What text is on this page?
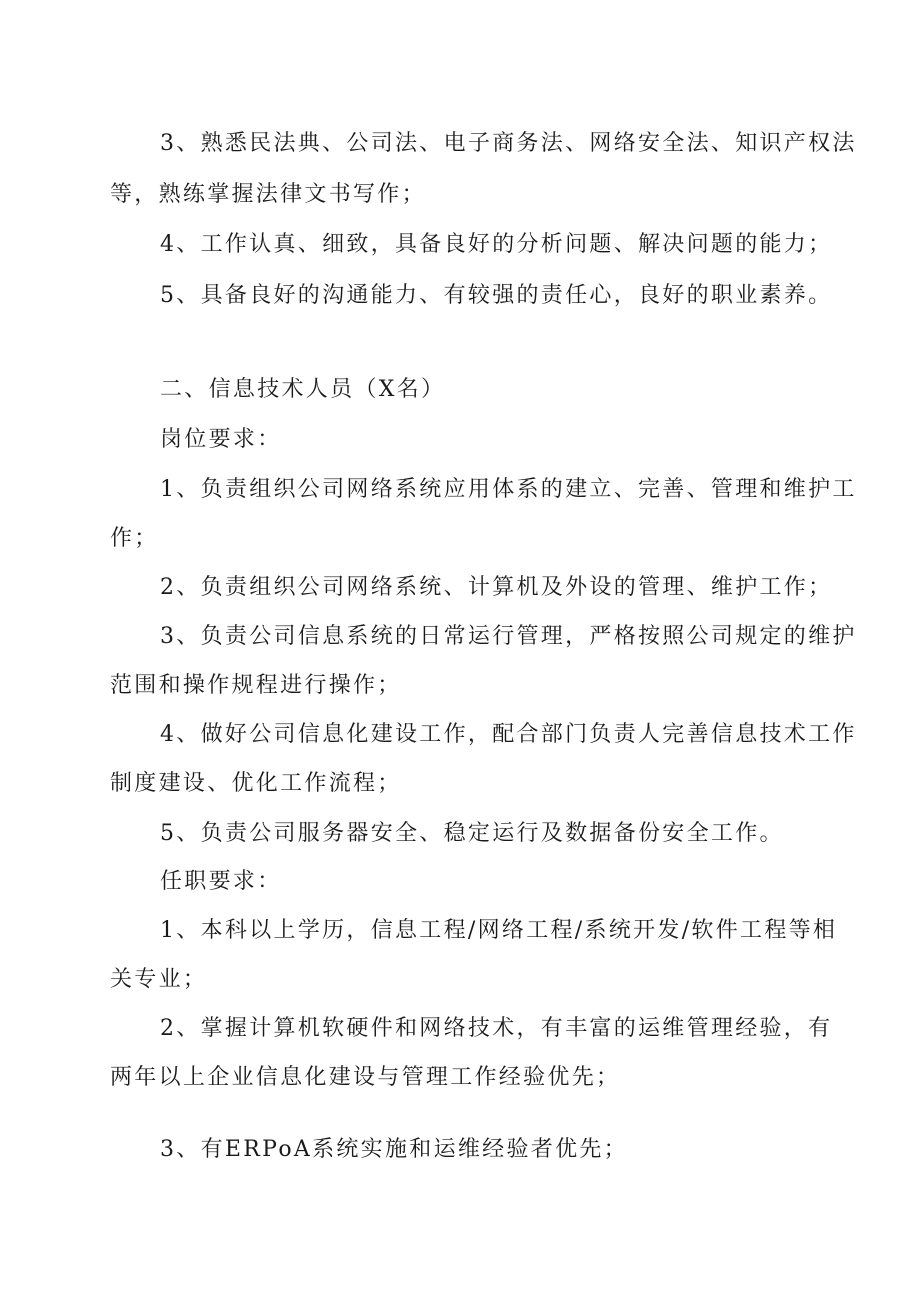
3、熟悉民法典、公司法、电子商务法、网络安全法、知识产权法
等，熟练掌握法律文书写作；
4、工作认真、细致，具备良好的分析问题、解决问题的能力；
5、具备良好的沟通能力、有较强的责任心，良好的职业素养。
二、信息技术人员（X名）
岗位要求：
1、负责组织公司网络系统应用体系的建立、完善、管理和维护工
作；
2、负责组织公司网络系统、计算机及外设的管理、维护工作；
3、负责公司信息系统的日常运行管理，严格按照公司规定的维护
范围和操作规程进行操作；
4、做好公司信息化建设工作，配合部门负责人完善信息技术工作
制度建设、优化工作流程；
5、负责公司服务器安全、稳定运行及数据备份安全工作。
任职要求：
1、本科以上学历，信息工程/网络工程/系统开发/软件工程等相
关专业；
2、掌握计算机软硬件和网络技术，有丰富的运维管理经验，有
两年以上企业信息化建设与管理工作经验优先；
3、有ERPoA系统实施和运维经验者优先；
